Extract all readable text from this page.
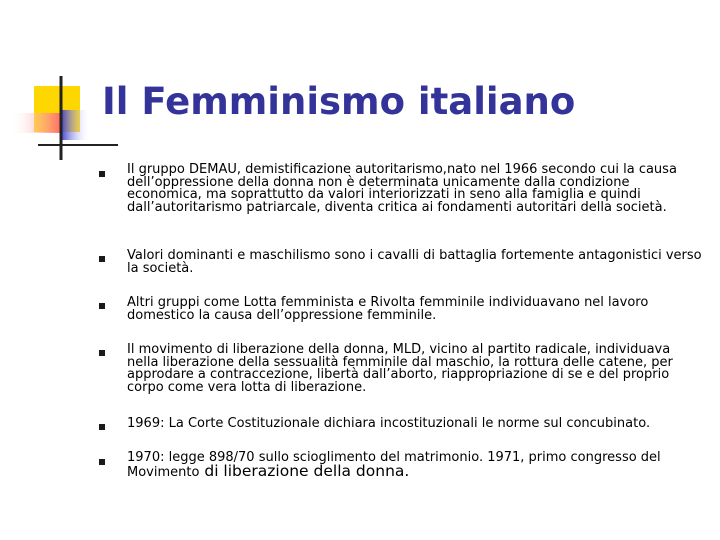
Il Femminismo italiano
Il gruppo DEMAU, demistificazione autoritarismo,nato nel 1966 secondo cui la causa dell’oppressione della donna non è determinata unicamente dalla condizione economica, ma soprattutto da valori interiorizzati in seno alla famiglia e quindi dall’autoritarismo patriarcale, diventa critica ai fondamenti autoritari della società.
Valori dominanti e maschilismo sono i cavalli di battaglia fortemente antagonistici verso la società.
Altri gruppi come Lotta femminista e Rivolta femminile individuavano nel lavoro domestico la causa dell’oppressione femminile.
Il movimento di liberazione della donna, MLD, vicino al partito radicale, individuava nella liberazione della sessualità femminile dal maschio, la rottura delle catene, per approdare a contraccezione, libertà dall’aborto, riappropriazione di se e del proprio corpo come vera lotta di liberazione.
1969: La Corte Costituzionale dichiara incostituzionali le norme sul concubinato.
1970: legge 898/70 sullo scioglimento del matrimonio. 1971, primo congresso del Movimento di liberazione della donna.
